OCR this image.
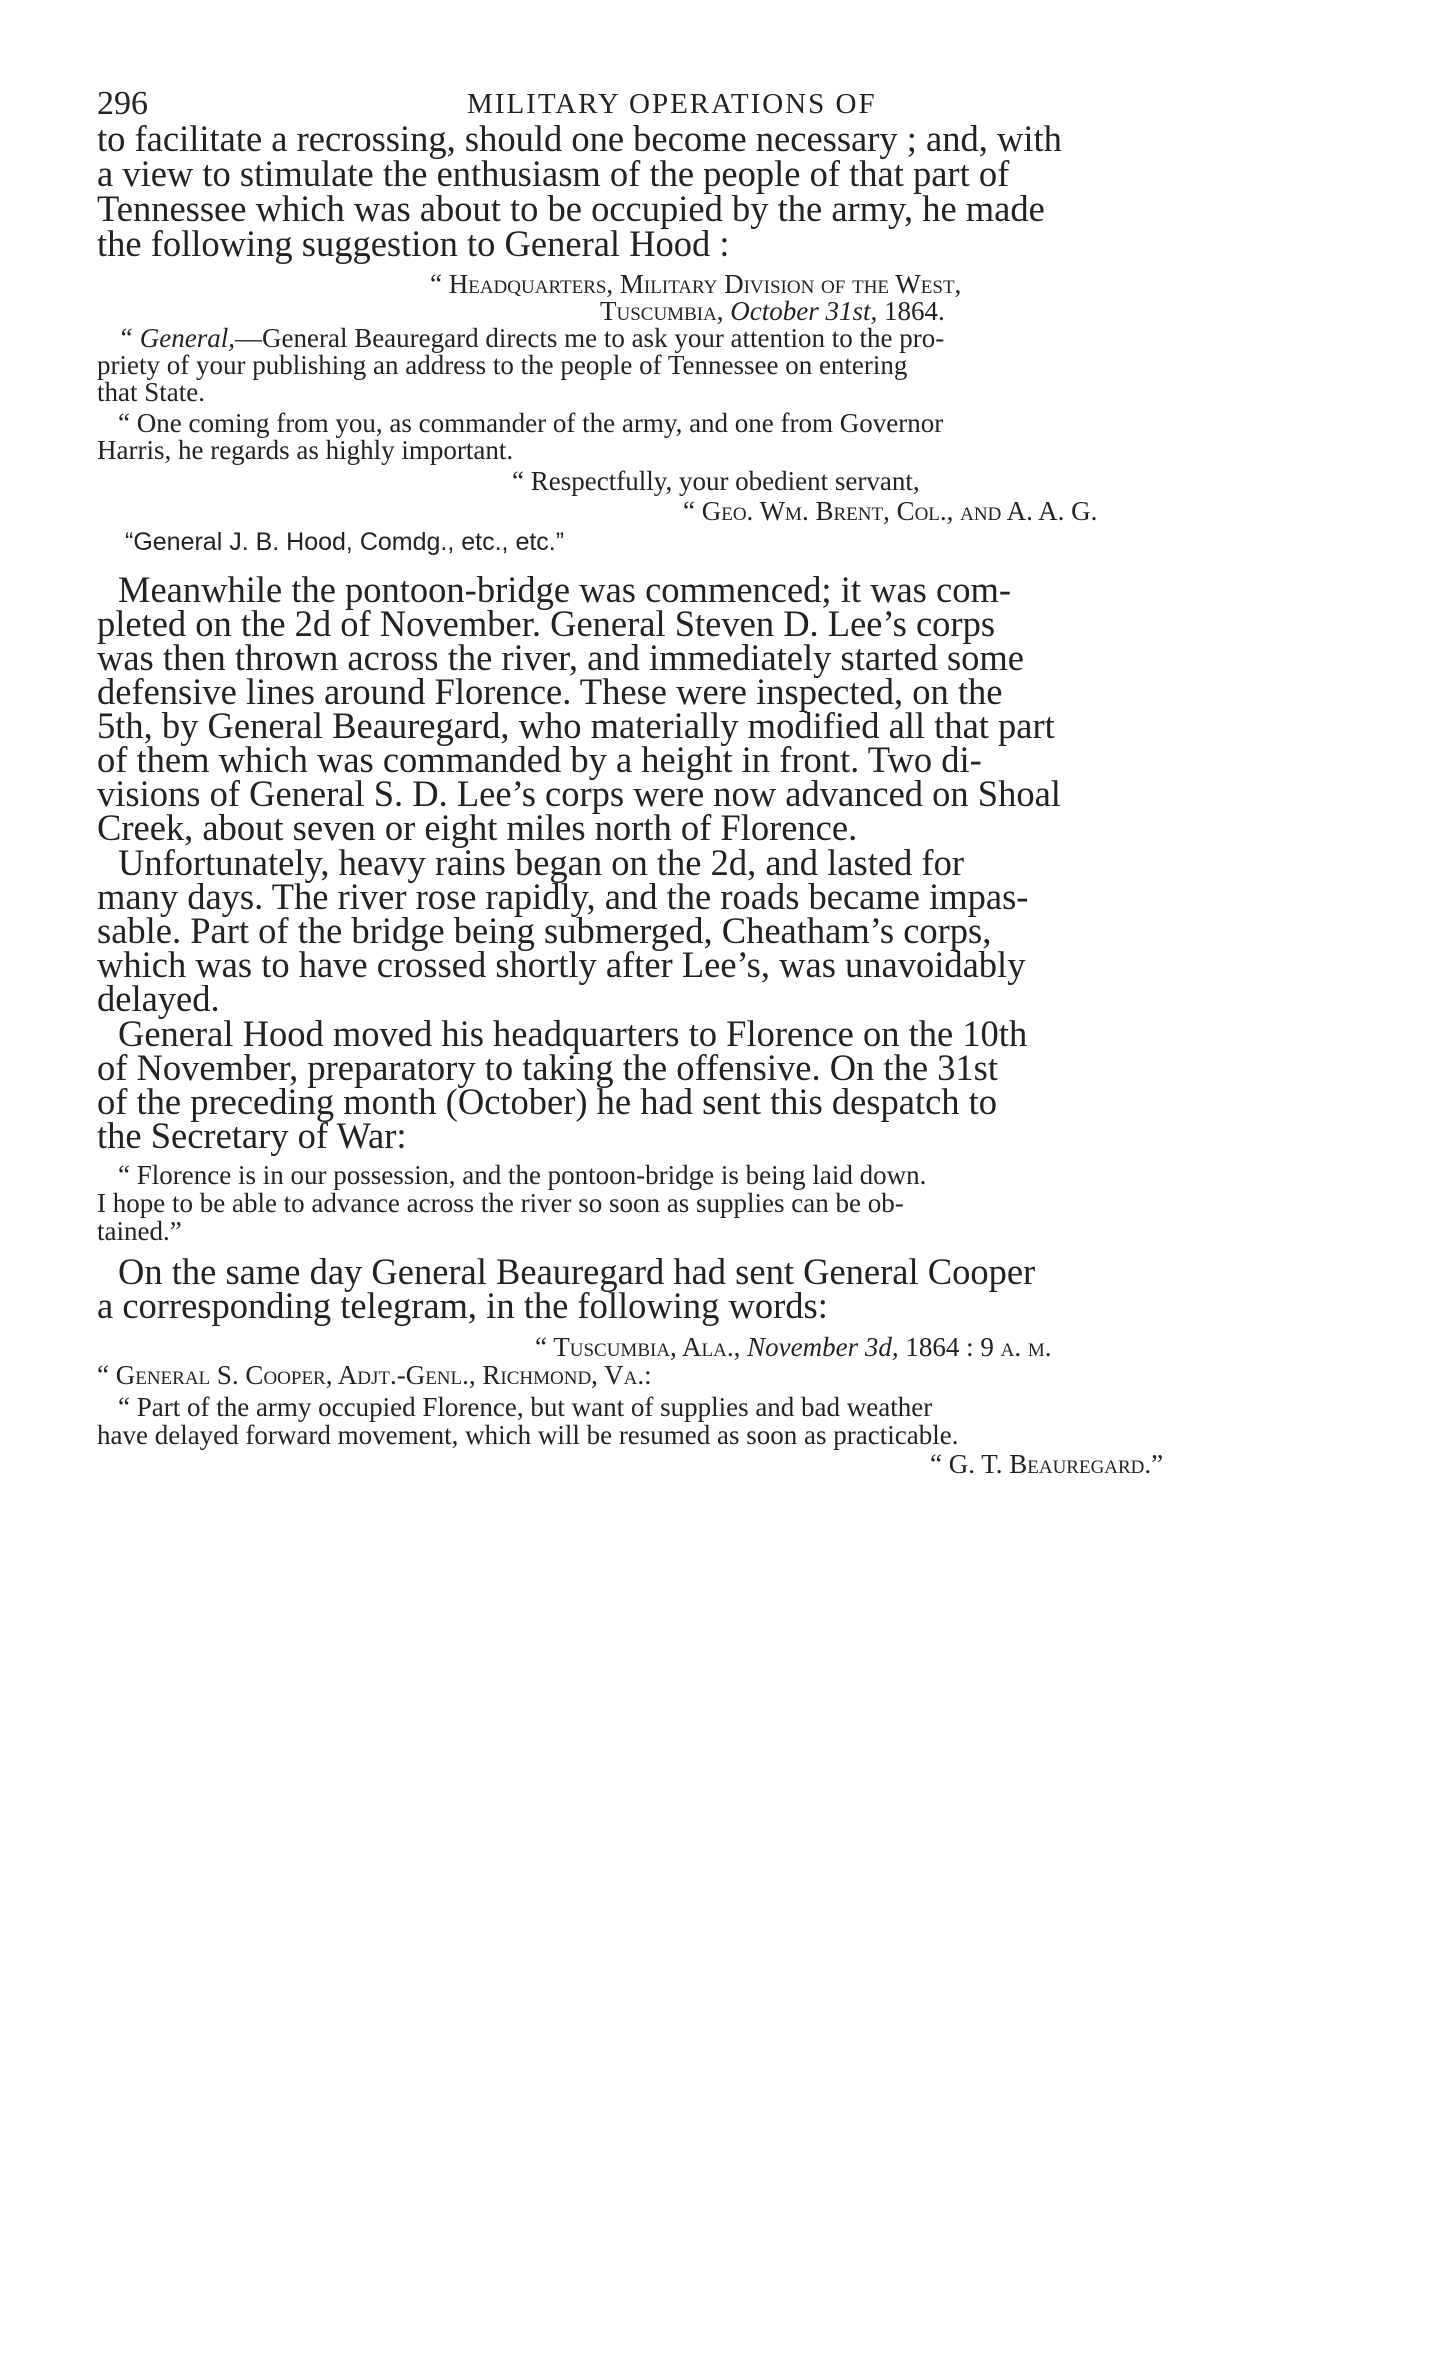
296	MILITARY OPERATIONS OF

to facilitate a recrossing, should one become necessary ; and, with

a view to stimulate the enthusiasm of the people of that part of

Tennessee which was about to be occupied by the army, he made

the following suggestion to General Hood :

“ Headquarters, Military Division of the West,

Tuscumbia, October 31st, 1864.

“ General,—General Beauregard directs me to ask your attention to the pro-

priety of your publishing an address to the people of Tennessee on entering

that State.

“ One coming from you, as commander of the army, and one from Governor

Harris, he regards as highly important.

“ Respectfully, your obedient servant,

“ Geo. Wm. Brent, Col., and A. A. G.

“General J. B. Hood, Comdg., etc., etc.”

Meanwhile the pontoon-bridge was commenced; it was com-

pleted on the 2d of November. General Steven D. Lee’s corps

was then thrown across the river, and immediately started some

defensive lines around Florence. These were inspected, on the

5th, by General Beauregard, who materially modified all that part

of them which was commanded by a height in front. Two di-

visions of General S. D. Lee’s corps were now advanced on Shoal

Creek, about seven or eight miles north of Florence.

Unfortunately, heavy rains began on the 2d, and lasted for

many days. The river rose rapidly, and the roads became impas-

sable. Part of the bridge being submerged, Cheatham’s corps,

which was to have crossed shortly after Lee’s, was unavoidably

delayed.

General Hood moved his headquarters to Florence on the 10th

of November, preparatory to taking the offensive. On the 31st

of the preceding month (October) he had sent this despatch to

the Secretary of War:

“ Florence is in our possession, and the pontoon-bridge is being laid down.

I hope to be able to advance across the river so soon as supplies can be ob-

tained.”

On the same day General Beauregard had sent General Cooper

a corresponding telegram, in the following words:

“ Tuscumbia, Ala., November 3d, 1864 : 9 a. m.

“ General S. Cooper, Adjt.-Genl., Richmond, Va.:

“ Part of the army occupied Florence, but want of supplies and bad weather

have delayed forward movement, which will be resumed as soon as practicable.

“ G. T. Beauregard.”
